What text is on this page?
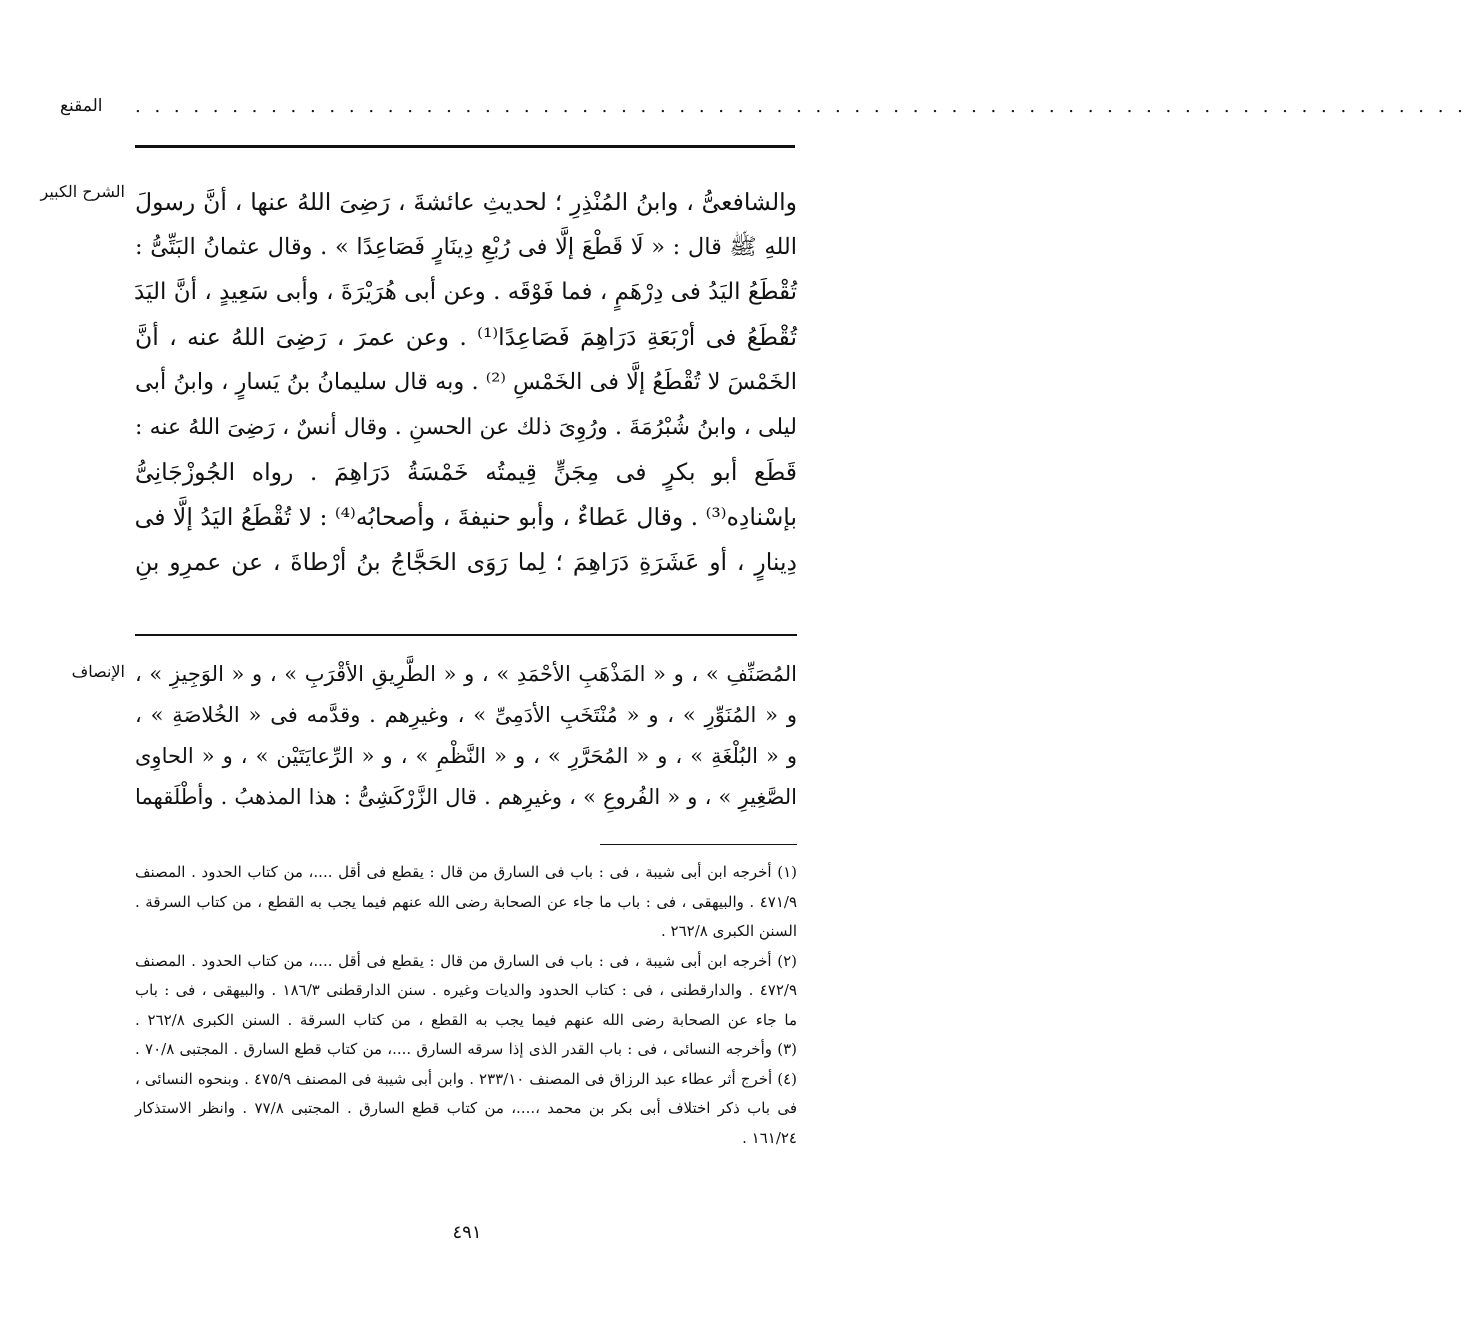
المقنع	. . . . . . . . . . . . . . . . . . . . . . . . . . . . . . . . . . . . . . . . . . . . . . . . . . . . . . . . . . . . . . . . . . . . .
الشرح الكبير والشافعىُّ ، وابنُ المُنْذِرِ ؛ لحديثِ عائشةَ ، رَضِىَ اللهُ عنها ، أنَّ رسولَ
اللهِ ﷺ قال : « لَا قَطْعَ إلَّا فى رُبْعِ دِينَارٍ فَصَاعِدًا » . وقال عثمانُ البَتِّىُّ :
تُقْطَعُ اليَدُ فى دِرْهَمٍ ، فما فَوْقَه . وعن أبى هُرَيْرَةَ ، وأبى سَعِيدٍ ، أنَّ اليَدَ
تُقْطَعُ فى أرْبَعَةِ دَرَاهِمَ فَصَاعِدًا⁽¹⁾ . وعن عمرَ ، رَضِىَ اللهُ عنه ، أنَّ
الخَمْسَ لا تُقْطَعُ إلَّا فى الخَمْسِ ⁽²⁾ . وبه قال سليمانُ بنُ يَسارٍ ، وابنُ أبى
ليلى ، وابنُ شُبْرُمَةَ . ورُوِىَ ذلك عن الحسنِ . وقال أنسٌ ، رَضِىَ اللهُ عنه :
قَطَع أبو بكرٍ فى مِجَنٍّ قِيمتُه خَمْسَةُ دَرَاهِمَ . رواه الجُوزْجَانِىُّ
بإسْنادِه⁽³⁾ . وقال عَطاءٌ ، وأبو حنيفةَ ، وأصحابُه⁽⁴⁾ : لا تُقْطَعُ اليَدُ إلَّا فى
دِينارٍ ، أو عَشَرَةِ دَرَاهِمَ ؛ لِما رَوَى الحَجَّاجُ بنُ أرْطاةَ ، عن عمرِو بنِ
الإنصاف المُصَنِّفِ » ، و « المَذْهَبِ الأحْمَدِ » ، و « الطَّرِيقِ الأقْرَبِ » ، و « الوَجِيزِ » ،
و « المُنَوِّرِ » ، و « مُنْتَخَبِ الأدَمِىِّ » ، وغيرِهم . وقدَّمه فى « الخُلاصَةِ » ،
و « البُلْغَةِ » ، و « المُحَرَّرِ » ، و « النَّظْمِ » ، و « الرِّعايَتَيْن » ، و « الحاوِى
الصَّغِيرِ » ، و « الفُروعِ » ، وغيرِهم . قال الزَّرْكَشِىُّ : هذا المذهبُ . وأطْلَقهما
(١) أخرجه ابن أبى شيبة ، فى : باب فى السارق من قال : يقطع فى أقل ....، من كتاب الحدود . المصنف
٤٧١/٩ . والبيهقى ، فى : باب ما جاء عن الصحابة رضى الله عنهم فيما يجب به القطع ، من كتاب السرقة .
السنن الكبرى ٢٦٢/٨ .
(٢) أخرجه ابن أبى شيبة ، فى : باب فى السارق من قال : يقطع فى أقل ....، من كتاب الحدود . المصنف
٤٧٢/٩ . والدارقطنى ، فى : كتاب الحدود والديات وغيره . سنن الدارقطنى ١٨٦/٣ . والبيهقى ، فى : باب
ما جاء عن الصحابة رضى الله عنهم فيما يجب به القطع ، من كتاب السرقة . السنن الكبرى ٢٦٢/٨ .
(٣) وأخرجه النسائى ، فى : باب القدر الذى إذا سرقه السارق ....، من كتاب قطع السارق . المجتبى ٧٠/٨ .
(٤) أخرج أثر عطاء عبد الرزاق فى المصنف ٢٣٣/١٠ . وابن أبى شيبة فى المصنف ٤٧٥/٩ . وبنحوه النسائى ،
فى باب ذكر اختلاف أبى بكر بن محمد ،....، من كتاب قطع السارق . المجتبى ٧٧/٨ . وانظر الاستذكار
١٦١/٢٤ .
٤٩١
